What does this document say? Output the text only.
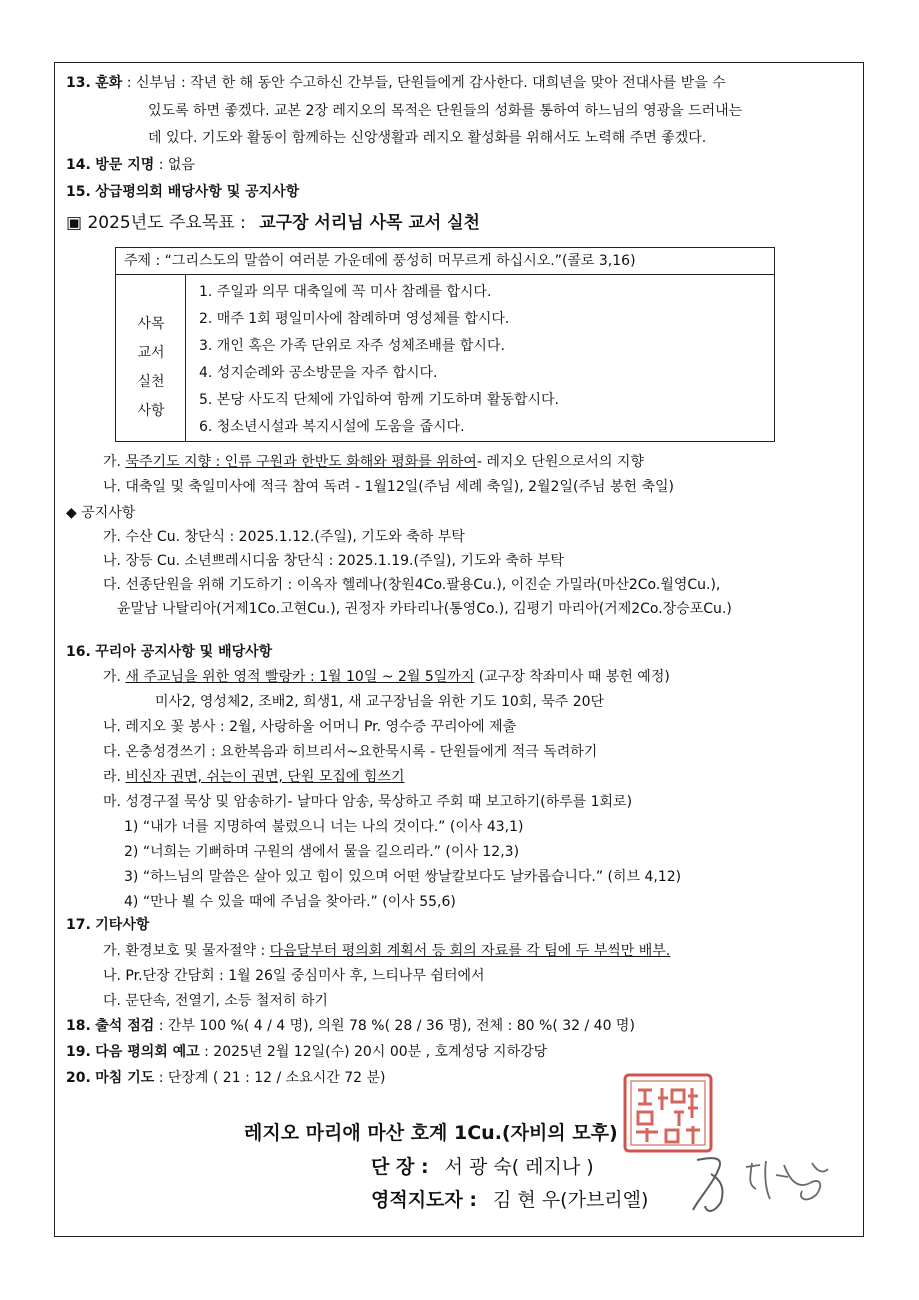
13. 훈화 : 신부님 : 작년 한 해 동안 수고하신 간부들, 단원들에게 감사한다. 대희년을 맞아 전대사를 받을 수
있도록 하면 좋겠다. 교본 2장 레지오의 목적은 단원들의 성화를 통하여 하느님의 영광을 드러내는
데 있다. 기도와 활동이 함께하는 신앙생활과 레지오 활성화를 위해서도 노력해 주면 좋겠다.
14. 방문 지명 : 없음
15. 상급평의회 배당사항 및 공지사항
▣ 2025년도 주요목표 : 교구장 서리님 사목 교서 실천
주제 : “그리스도의 말씀이 여러분 가운데에 풍성히 머무르게 하십시오.”(콜로 3,16)
사목
교서
실천
사항
1. 주일과 의무 대축일에 꼭 미사 참례를 합시다.
2. 매주 1회 평일미사에 참례하며 영성체를 합시다.
3. 개인 혹은 가족 단위로 자주 성체조배를 합시다.
4. 성지순례와 공소방문을 자주 합시다.
5. 본당 사도직 단체에 가입하여 함께 기도하며 활동합시다.
6. 청소년시설과 복지시설에 도움을 줍시다.
가. 묵주기도 지향 : 인류 구원과 한반도 화해와 평화를 위하여- 레지오 단원으로서의 지향
나. 대축일 및 축일미사에 적극 참여 독려 - 1월12일(주님 세례 축일), 2월2일(주님 봉헌 축일)
◆ 공지사항
가. 수산 Cu. 창단식 : 2025.1.12.(주일), 기도와 축하 부탁
나. 장등 Cu. 소년쁘레시디움 창단식 : 2025.1.19.(주일), 기도와 축하 부탁
다. 선종단원을 위해 기도하기 : 이옥자 헬레나(창원4Co.팔용Cu.), 이진순 가밀라(마산2Co.월영Cu.),
윤말남 나탈리아(거제1Co.고현Cu.), 권정자 카타리나(통영Co.), 김평기 마리아(거제2Co.장승포Cu.)
16. 꾸리아 공지사항 및 배당사항
가. 새 주교님을 위한 영적 빨랑카 : 1월 10일 ~ 2월 5일까지 (교구장 착좌미사 때 봉헌 예정)
미사2, 영성체2, 조배2, 희생1, 새 교구장님을 위한 기도 10회, 묵주 20단
나. 레지오 꽃 봉사 : 2월, 사랑하올 어머니 Pr. 영수증 꾸리아에 제출
다. 온충성경쓰기 : 요한복음과 히브리서~요한묵시록 - 단원들에게 적극 독려하기
라. 비신자 권면, 쉬는이 권면, 단원 모집에 힘쓰기
마. 성경구절 묵상 및 암송하기- 날마다 암송, 묵상하고 주회 때 보고하기(하루를 1회로)
1) “내가 너를 지명하여 불렀으니 너는 나의 것이다.” (이사 43,1)
2) “너희는 기뻐하며 구원의 샘에서 물을 길으리라.” (이사 12,3)
3) “하느님의 말씀은 살아 있고 힘이 있으며 어떤 쌍날칼보다도 날카롭습니다.” (히브 4,12)
4) “만나 뵐 수 있을 때에 주님을 찾아라.” (이사 55,6)
17. 기타사항
가. 환경보호 및 물자절약 : 다음달부터 평의회 계획서 등 회의 자료를 각 팀에 두 부씩만 배부.
나. Pr.단장 간담회 : 1월 26일 중심미사 후, 느티나무 쉼터에서
다. 문단속, 전열기, 소등 철저히 하기
18. 출석 점검 : 간부 100 %( 4 / 4 명), 의원 78 %( 28 / 36 명), 전체 : 80 %( 32 / 40 명)
19. 다음 평의회 예고 : 2025년 2월 12일(수) 20시 00분 , 호계성당 지하강당
20. 마침 기도 : 단장계 ( 21 : 12 / 소요시간 72 분)
레지오 마리애 마산 호계 1Cu.(자비의 모후)
단 장 : 서 광 숙( 레지나 )
영적지도자 : 김 현 우(가브리엘)
